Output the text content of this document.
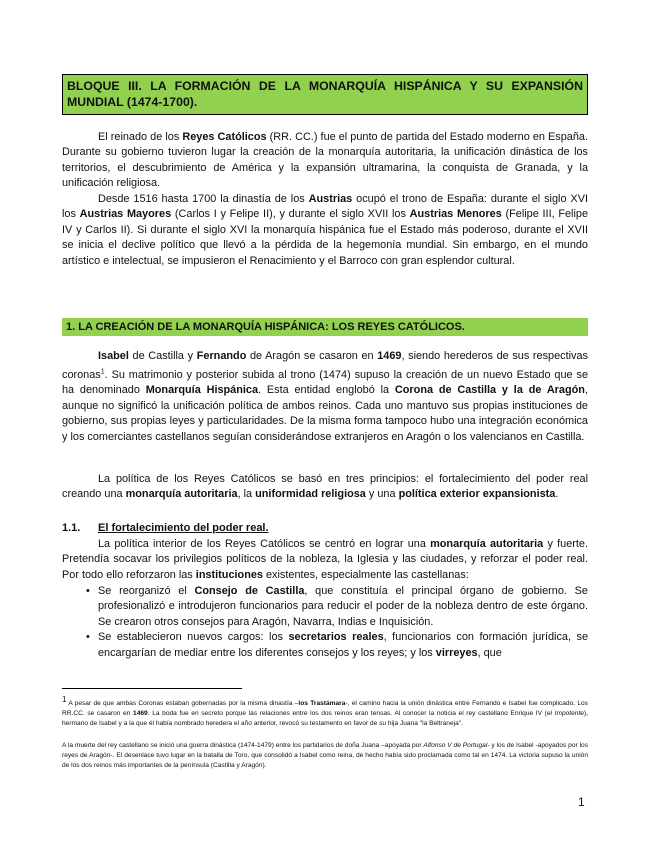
BLOQUE III. LA FORMACIÓN DE LA MONARQUÍA HISPÁNICA Y SU EXPANSIÓN MUNDIAL (1474-1700).

El reinado de los Reyes Católicos (RR. CC.) fue el punto de partida del Estado moderno en España. Durante su gobierno tuvieron lugar la creación de la monarquía autoritaria, la unificación dinástica de los territorios, el descubrimiento de América y la expansión ultramarina, la conquista de Granada, y la unificación religiosa.

Desde 1516 hasta 1700 la dinastía de los Austrias ocupó el trono de España: durante el siglo XVI los Austrias Mayores (Carlos I y Felipe II), y durante el siglo XVII los Austrias Menores (Felipe III, Felipe IV y Carlos II). Si durante el siglo XVI la monarquía hispánica fue el Estado más poderoso, durante el XVII se inicia el declive político que llevó a la pérdida de la hegemonía mundial. Sin embargo, en el mundo artístico e intelectual, se impusieron el Renacimiento y el Barroco con gran esplendor cultural.

1. LA CREACIÓN DE LA MONARQUÍA HISPÁNICA: LOS REYES CATÓLICOS.

Isabel de Castilla y Fernando de Aragón se casaron en 1469, siendo herederos de sus respectivas coronas$^1$. Su matrimonio y posterior subida al trono (1474) supuso la creación de un nuevo Estado que se ha denominado Monarquía Hispánica. Esta entidad englobó la Corona de Castilla y la de Aragón, aunque no significó la unificación política de ambos reinos. Cada uno mantuvo sus propias instituciones de gobierno, sus propias leyes y particularidades. De la misma forma tampoco hubo una integración económica y los comerciantes castellanos seguían considerándose extranjeros en Aragón o los valencianos en Castilla.

La política de los Reyes Católicos se basó en tres principios: el fortalecimiento del poder real creando una monarquía autoritaria, la uniformidad religiosa y una política exterior expansionista.

1.1. El fortalecimiento del poder real.

La política interior de los Reyes Católicos se centró en lograr una monarquía autoritaria y fuerte. Pretendía socavar los privilegios políticos de la nobleza, la Iglesia y las ciudades, y reforzar el poder real. Por todo ello reforzaron las instituciones existentes, especialmente las castellanas:

• Se reorganizó el Consejo de Castilla, que constituía el principal órgano de gobierno. Se profesionalizó e introdujeron funcionarios para reducir el poder de la nobleza dentro de este órgano. Se crearon otros consejos para Aragón, Navarra, Indias e Inquisición.
• Se establecieron nuevos cargos: los secretarios reales, funcionarios con formación jurídica, se encargarían de mediar entre los diferentes consejos y los reyes; y los virreyes, que

$^1$ A pesar de que ambas Coronas estaban gobernadas por la misma dinastía –los Trastámara-, el camino hacia la unión dinástica entre Fernando e Isabel fue complicado. Los RR.CC. se casaron en 1469. La boda fue en secreto porque las relaciones entre los dos reinos eran tensas. Al conocer la noticia el rey castellano Enrique IV (el Impotente), hermano de Isabel y a la que él había nombrado heredera el año anterior, revocó su testamento en favor de su hija Juana "la Beltraneja".

A la muerte del rey castellano se inició una guerra dinástica (1474-1479) entre los partidarios de doña Juana –apoyada por Alfonso V de Portugal- y los de Isabel -apoyados por los reyes de Aragón-. El desenlace tuvo lugar en la batalla de Toro, que consolidó a Isabel como reina, de hecho había sido proclamada como tal en 1474. La victoria supuso la unión de los dos reinos más importantes de la península (Castilla y Aragón).

1
